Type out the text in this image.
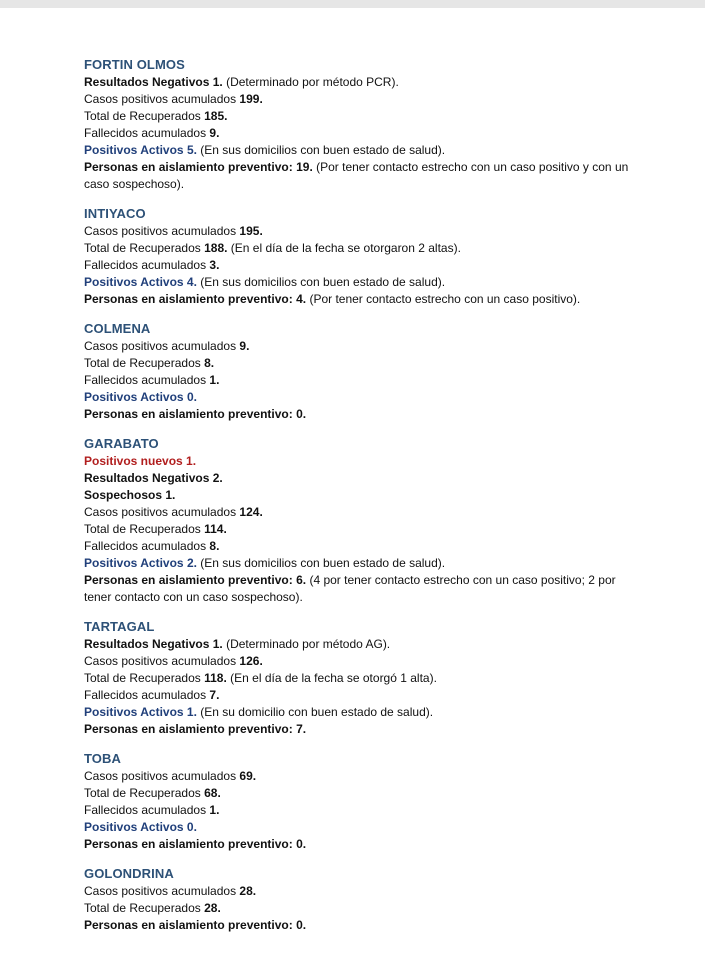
FORTIN OLMOS
Resultados Negativos 1. (Determinado por método PCR).
Casos positivos acumulados 199.
Total de Recuperados 185.
Fallecidos acumulados 9.
Positivos Activos 5. (En sus domicilios con buen estado de salud).
Personas en aislamiento preventivo: 19. (Por tener contacto estrecho con un caso positivo y con un caso sospechoso).
INTIYACO
Casos positivos acumulados 195.
Total de Recuperados 188. (En el día de la fecha se otorgaron 2 altas).
Fallecidos acumulados 3.
Positivos Activos 4. (En sus domicilios con buen estado de salud).
Personas en aislamiento preventivo: 4. (Por tener contacto estrecho con un caso positivo).
COLMENA
Casos positivos acumulados 9.
Total de Recuperados 8.
Fallecidos acumulados 1.
Positivos Activos 0.
Personas en aislamiento preventivo: 0.
GARABATO
Positivos nuevos 1.
Resultados Negativos 2.
Sospechosos 1.
Casos positivos acumulados 124.
Total de Recuperados 114.
Fallecidos acumulados 8.
Positivos Activos 2. (En sus domicilios con buen estado de salud).
Personas en aislamiento preventivo: 6. (4 por tener contacto estrecho con un caso positivo; 2 por tener contacto con un caso sospechoso).
TARTAGAL
Resultados Negativos 1. (Determinado por método AG).
Casos positivos acumulados 126.
Total de Recuperados 118. (En el día de la fecha se otorgó 1 alta).
Fallecidos acumulados 7.
Positivos Activos 1. (En su domicilio con buen estado de salud).
Personas en aislamiento preventivo: 7.
TOBA
Casos positivos acumulados 69.
Total de Recuperados 68.
Fallecidos acumulados 1.
Positivos Activos 0.
Personas en aislamiento preventivo: 0.
GOLONDRINA
Casos positivos acumulados 28.
Total de Recuperados 28.
Personas en aislamiento preventivo: 0.
